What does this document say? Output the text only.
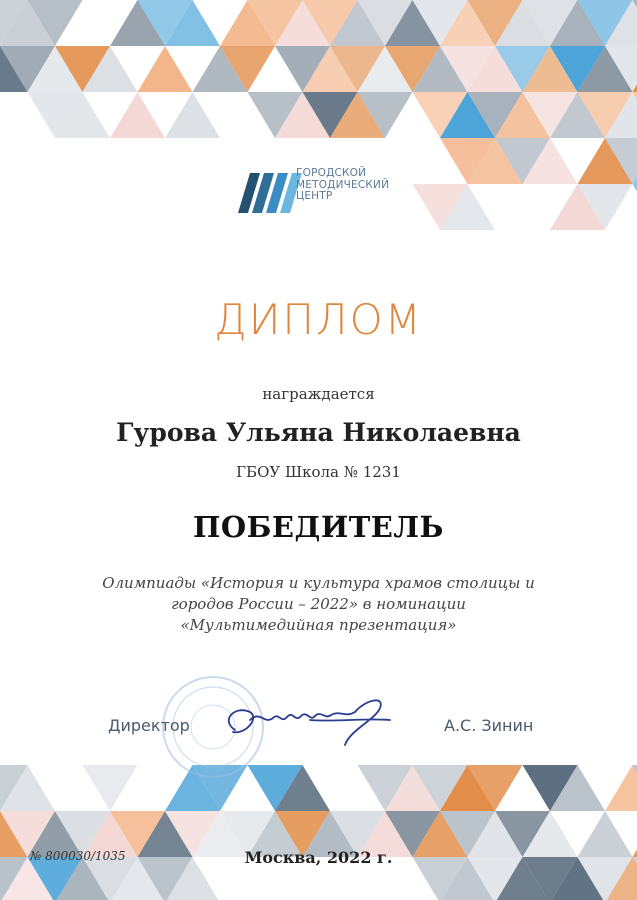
ГОРОДСКОЙ
МЕТОДИЧЕСКИЙ
ЦЕНТР
ДИПЛОМ
награждается
Гурова Ульяна Николаевна
ГБОУ Школа № 1231
ПОБЕДИТЕЛЬ
Олимпиады «История и культура храмов столицы и
городов России – 2022» в номинации
«Мультимедийная презентация»
Директор	А.С. Зинин
№ 800030/1035	Москва, 2022 г.
